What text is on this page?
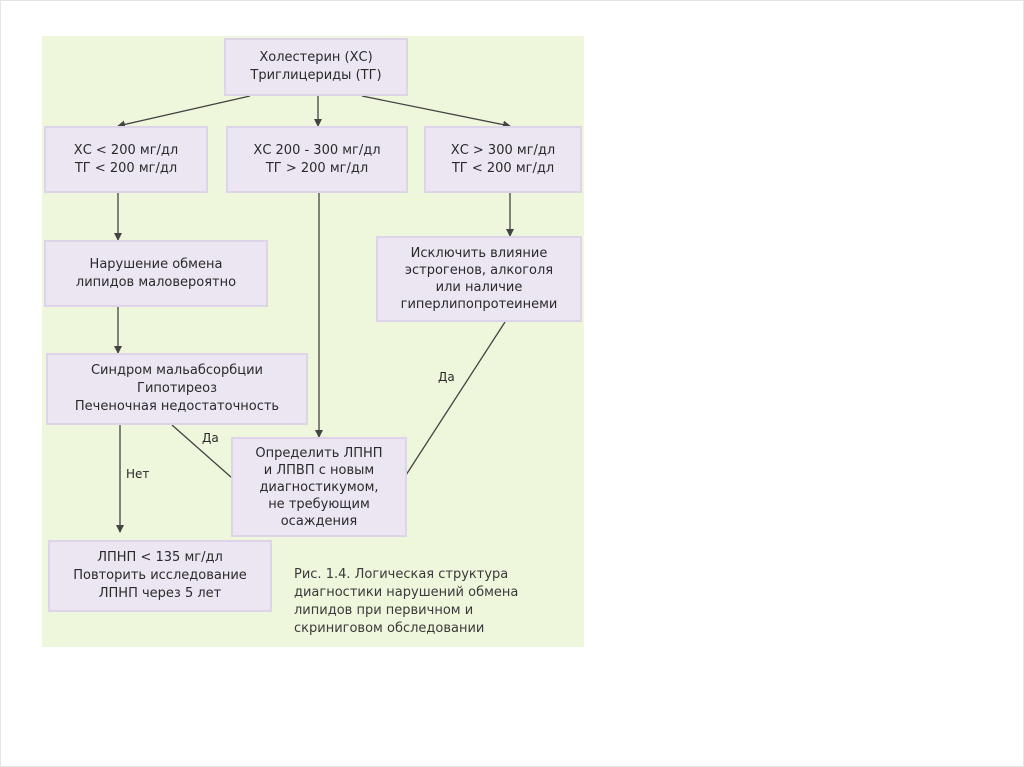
Холестерин (ХС)
Триглицериды (ТГ)
ХС < 200 мг/дл
ТГ < 200 мг/дл
ХС 200 - 300 мг/дл
ТГ > 200 мг/дл
ХС > 300 мг/дл
ТГ < 200 мг/дл
Нарушение обмена
липидов маловероятно
Исключить влияние
эстрогенов, алкоголя
или наличие
гиперлипопротеинеми
Синдром мальабсорбции
Гипотиреоз
Печеночная недостаточность
Определить ЛПНП
и ЛПВП с новым
диагностикумом,
не требующим
осаждения
ЛПНП < 135 мг/дл
Повторить исследование
ЛПНП через 5 лет
Да
Да
Нет
Рис. 1.4. Логическая структура
диагностики нарушений обмена
липидов при первичном и
скриниговом обследовании
